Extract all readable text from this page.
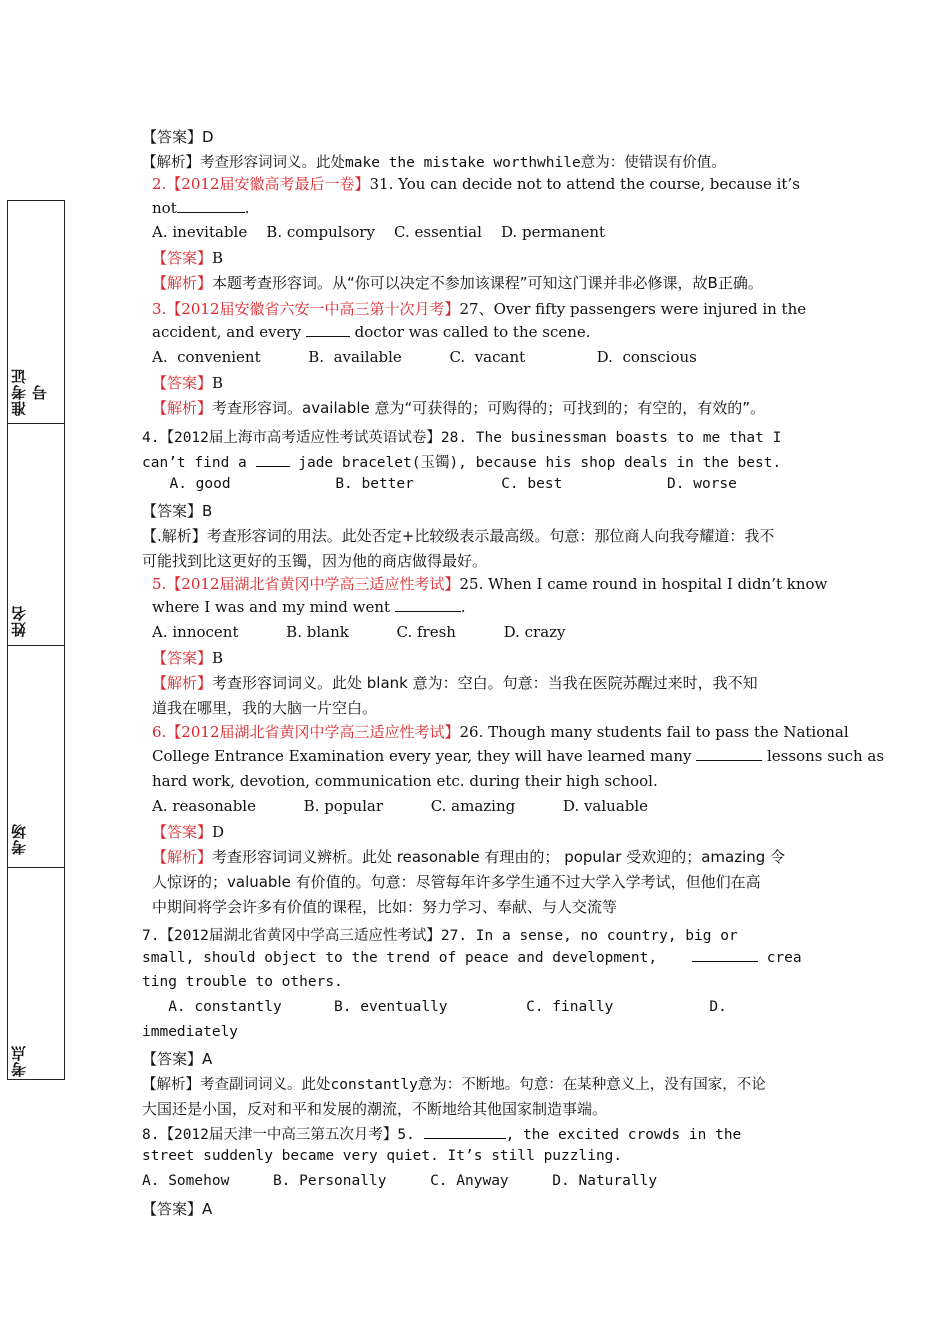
准考证号
姓名
考场
考点
【答案】D
【解析】考查形容词词义。此处make the mistake worthwhile意为：使错误有价值。
2.【2012届安徽高考最后一卷】31. You can decide not to attend the course, because it’s
not	.
A. inevitable    B. compulsory    C. essential    D. permanent
【答案】B
【解析】本题考查形容词。从“你可以决定不参加该课程”可知这门课并非必修课，故B正确。
3.【2012届安徽省六安一中高三第十次月考】27、Over fifty passengers were injured in the
accident, and every	doctor was called to the scene.
A.  convenient          B.  available          C.  vacant               D.  conscious
【答案】B
【解析】考查形容词。available 意为“可获得的；可购得的；可找到的；有空的，有效的”。
4.【2012届上海市高考适应性考试英语试卷】28. The businessman boasts to me that I
can’t find a  jade bracelet(玉镯), because his shop deals in the best.
A. good            B. better          C. best            D. worse
【答案】B
【.解析】考查形容词的用法。此处否定+比较级表示最高级。句意：那位商人向我夸耀道：我不
可能找到比这更好的玉镯，因为他的商店做得最好。
5.【2012届湖北省黄冈中学高三适应性考试】25. When I came round in hospital I didn’t know
where I was and my mind went	.
A. innocent          B. blank          C. fresh          D. crazy
【答案】B
【解析】考查形容词词义。此处 blank 意为：空白。句意：当我在医院苏醒过来时，我不知
道我在哪里，我的大脑一片空白。
6.【2012届湖北省黄冈中学高三适应性考试】26. Though many students fail to pass the National
College Entrance Examination every year, they will have learned many	lessons such as
hard work, devotion, communication etc. during their high school.
A. reasonable          B. popular          C. amazing          D. valuable
【答案】D
【解析】考查形容词词义辨析。此处 reasonable 有理由的； popular 受欢迎的；amazing 令
人惊讶的；valuable 有价值的。句意：尽管每年许多学生通不过大学入学考试，但他们在高
中期间将学会许多有价值的课程，比如：努力学习、奉献、与人交流等
7.【2012届湖北省黄冈中学高三适应性考试】27. In a sense, no country, big or
small, should object to the trend of peace and development,	crea
ting trouble to others.
A. constantly      B. eventually         C. finally           D.
immediately
【答案】A
【解析】考查副词词义。此处constantly意为：不断地。句意：在某种意义上，没有国家，不论
大国还是小国，反对和平和发展的潮流，不断地给其他国家制造事端。
8.【2012届天津一中高三第五次月考】5.	, the excited crowds in the
street suddenly became very quiet. It’s still puzzling.
A. Somehow     B. Personally     C. Anyway     D. Naturally
【答案】A
